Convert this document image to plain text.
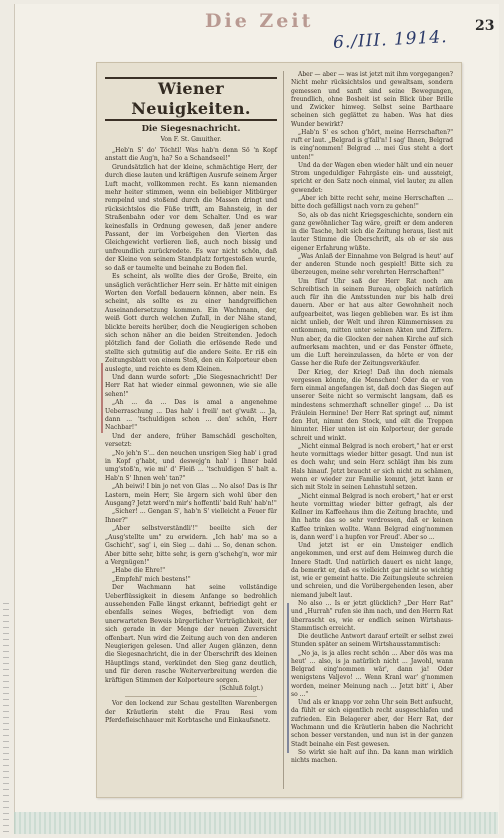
Die Zeit	23
6./III. 1914.
Wiener Neuigkeiten.
Die Siegesnachricht.
Von F. St. Gmuither.

„Heb'n S' do' Töchtl! Was hab'n denn Sö 'n Kopf anstatt die Aug'n, ha? So a Schandseel!"

Grundsätzlich hat der kleine, schmächtige Herr, der durch diese lauten und kräftigen Ausrufe seinem Ärger Luft macht, vollkommen recht. Es kann niemanden mehr heiter stimmen, wenn ein beliebiger Mitbürger rempelnd und stoßend durch die Massen dringt und rücksichtslos die Füße trifft, am Bahnsteig, in der Straßenbahn oder vor dem Schalter. Und es war keinesfalls in Ordnung gewesen, daß jener andere Passant, der im Vorbeigehen den Vierten das Gleichgewicht verlieren ließ, auch noch bissig und unfreundlich zurückredete. Es war nicht schön, daß der Kleine von seinem Standplatz fortgestoßen wurde, so daß er taumelte und beinahe zu Boden fiel.

Es scheint, als wollte dies der Große, Breite, ein unsäglich verächtlicher Herr sein. Er hätte mit einigen Worten den Vorfall bedauern können, aber nein. Es scheint, als sollte es zu einer handgreiflichen Auseinandersetzung kommen. Ein Wachmann, der, weiß Gott durch welchen Zufall, in der Nähe stand, blickte bereits herüber, doch die Neugierigen schoben sich schon näher an die beiden Streitenden. Jedoch plötzlich fand der Goliath die erlösende Rede und stellte sich gutmütig auf die andere Seite. Er riß ein Zeitungsblatt von einem Stoß, den ein Kolporteur eben auslegte, und reichte es dem Kleinen.

Und dann wurde sofort: „Die Siegesnachricht! Der Herr Rat hat wieder einmal gewonnen, wie sie alle sehen!"

„Ah ... da ... Das is amal a angenehme Ueberraschung ... Das hab' i freili' net g'wußt ... Ja, dann ... 'tschuldigen schon ... den' schön, Herr Nachbar!"

Und der andere, früher Bamschädl gescholten, versetzt:

„No jeh'n S'... den neuchen unsrigen Sieg hab' i grad in Kopf g'habt, und deswejg'n hab' i Ihner bald umg'stoß'n, wie mi' d' Fleiß ... 'tschuldigen S' halt a. Hab'n S' Ihnen weh' tan?"

„Ah beiwi! I bin jo net von Glas ... No also! Das is Ihr Lastern, mein Herr, Sie ärgern sich wohl über den Ausgang? Jetzt werd'n mir's hoffentli' bald Ruh' hab'n!"

„Sicher! ... Gengan S', hab'n S' vielleicht a Feuer für Ihner?"

„Aber selbstverständli'!" beeilte sich der „Ausg'stellte um" zu erwidern. „Ich hab' ma so a Gschicht', sag' i, ein Sieg ... dahi ... So, denan schon. Aber bitte sehr, bitte sehr, is gern g'schehg'n, wor mir a Vergnügen!"

„Habe die Ehre!"

„Empfehl' mich bestens!"

Der Wachmann hat seine vollständige Ueberflüssigkeit in diesem Anfange so bedrohlich aussehenden Falle längst erkannt, befriedigt geht er ebenfalls seines Weges, befriedigt von dem unerwarteten Beweis bürgerlicher Verträglichkeit, der sich gerade in der Menge der neuen Zuversicht offenbart. Nun wird die Zeitung auch von den anderen Neugierigen gelesen. Und aller Augen glänzen, denn die Siegesnachricht, die in der Überschrift des kleinen Häuptlings stand, verkündet den Sieg ganz deutlich, und für deren rasche Weiterverbreitung werden die kräftigen Stimmen der Kolporteure sorgen.

(Schluß folgt.)

Vor den lockend zur Schau gestellten Warenbergen der Kräutlerin steht die Frau Resi vom Pferdefleischhauer mit Korbtasche und Einkaufsnetz.

Aber — aber — was ist jetzt mit ihm vorgegangen? Nicht mehr rücksichtslos und gewaltsam, sondern gemessen und sanft sind seine Bewegungen, freundlich, ohne Bosheit ist sein Blick über Brille und Zwicker hinweg. Selbst seine Barthaare scheinen sich geglättet zu haben. Was hat dies Wunder bewirkt?

„Hab'n S' es schon g'hört, meine Herrschaften?" ruft er laut. „Belgrad is g'fall'n! I sag' Ihnen, Belgrad is eing'nommen! Belgrad ... mei Gus steht a dort unten!"

Und da der Wagen eben wieder hält und ein neuer Strom ungeduldiger Fahrgäste ein- und aussteigt, spricht er den Satz noch einmal, viel lauter, zu allen gewendet:

„Aber ich bitte recht sehr, meine Herrschaften ... bitte doch gefälligst nach vorn zu gehen!"

So, als ob das nicht Kriegsgeschichte, sondern ein ganz gewöhnlicher Tag wäre, greift er dem anderen in die Tasche, holt sich die Zeitung heraus, liest mit lauter Stimme die Überschrift, als ob er sie aus eigener Erfahrung wüßte.

„Was Anlaß der Einnahme von Belgrad is heut' auf der anderen Stunde noch gespielt! Bitte sich zu überzeugen, meine sehr verehrten Herrschaften!"

Um fünf Uhr saß der Herr Rat noch am Schreibtisch in seinem Bureau, obgleich natürlich auch für ihn die Amtsstunden nur bis halb drei dauern. Aber er hat aus alter Gewohnheit noch aufgearbeitet, was liegen geblieben war. Es ist ihm nicht unlieb, der Welt und ihren Kümmernissen zu entkommen, mitten unter seinen Akten und Ziffern. Nun aber, da die Glocken der nahen Kirche auf sich aufmerksam machten, und er das Fenster öffnete, um die Luft hereinzulassen, da hörte er von der Gasse her die Rufe der Zeitungsverkäufer.

Der Krieg, der Krieg! Daß ihn doch niemals vergessen könnte, die Menschen! Oder da er von fern einmal angefangen ist, daß doch das Siegen auf unserer Seite nicht so vermischt langsam, daß es mindestens schmerzhaft schneller ginge! ... Da ist Fräulein Hermine! Der Herr Rat springt auf, nimmt den Hut, nimmt den Stock, und eilt die Treppen hinunter. Hier unten ist ein Kolporteur, der gerade schreit und winkt.

„Nicht einmal Belgrad is noch erobert," hat er erst heute vormittags wieder bitter gesagt. Und nun ist es doch wahr, und sein Herz schlägt ihm bis zum Hals hinauf. Jetzt braucht er sich nicht zu schämen, wenn er wieder zur Familie kommt, jetzt kann er sich mit Stolz in seinen Lehnstuhl setzen.

„Nicht einmal Belgrad is noch erobert," hat er erst heute vormittag wieder bitter gefragt, als der Kellner im Kaffeehaus ihm die Zeitung brachte, und ihn hatte das so sehr verdrossen, daß er keinen Kaffee trinken wollte. Wann Belgrad eing'nommen is, dann werd' i a hupfen vor Freud'. Aber so ...

Und jetzt ist er ein Umsteiger endlich angekommen, und erst auf dem Heimweg durch die Innere Stadt. Und natürlich dauert es nicht lange, da bemerkt er, daß es vielleicht gar nicht so wichtig ist, wie er gemeint hatte. Die Zeitungsleute schreien und schreien, und die Vorübergehenden lesen, aber niemand jubelt laut.

No also ... Is er jetzt glücklich? „Der Herr Rat" und „Hurrah" rufen sie ihm nach, und den Herrn Rat überrascht es, wie er endlich seinen Wirtshaus-Stammtisch erreicht.

Die deutliche Antwort darauf erteilt er selbst zwei Stunden später an seinem Wirtshausstammtisch:

„No ja, is ja alles recht schön ... Aber dös was ma heut' ... also, is ja natürlich nicht ... Jawohl, wann Belgrad eing'nommen wär', dann ja! Oder wenigstens Valjevo! ... Wenn Kranl war' g'nommen worden, meiner Meinung nach ... Jetzt bitt' i, Aber so ..."

Und als er knapp vor zehn Uhr sein Bett aufsucht, da fühlt er sich eigentlich recht ausgeschlafen und zufrieden. Ein Belagerer aber, der Herr Rat, der Wachmann und die Kräutlerin haben die Nachricht schon besser verstanden, und nun ist in der ganzen Stadt beinahe ein Fest gewesen.

So wirkt sie halt auf ihn. Da kann man wirklich nichts machen.
